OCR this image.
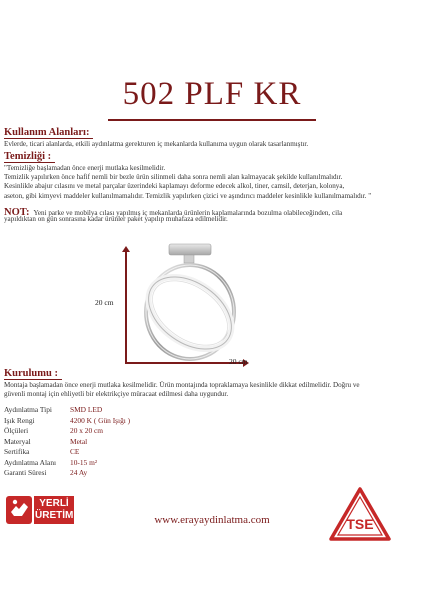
502 PLF KR
Kullanım Alanları:
Evlerde, ticari alanlarda, etkili aydınlatma gerekturen iç mekanlarda kullanıma uygun olarak tasarlanmıştır.
Temizliği :
"Temizliğe başlamadan önce enerji mutlaka kesilmelidir.
Temizlik yapılırken önce hafif nemli bir bezle ürün silinmeli daha sonra nemli alan kalmayacak şekilde kullanılmalıdır.
Kesinlikle abajur cılasını ve metal parçalar üzerindeki kaplamayı deforme edecek alkol, tiner, camsil, deterjan, kolonya,
aseton, gibi kimyevi maddeler kullanılmamalıdır. Temizlik yapılırken çizici ve aşındırıcı maddeler kesinlikle kullanılmamalıdır. "
NOT: Yeni parke ve mobilya cılası yapılmış iç mekanlarda ürünlerin kaplamalarında bozulma olabileceğinden, cila
yapıldıktan on gün sonrasına kadar ürünler paket yapılıp muhafaza edilmelidir.
20 cm
20 cm
Kurulumu :
Montaja başlamadan önce enerji mutlaka kesilmelidir. Ürün montajında topraklamaya kesinlikle dikkat edilmelidir. Doğru ve
güvenli montaj için ehliyetli bir elektrikçiye müracaat edilmesi daha uygundur.
Aydınlatma Tipi	SMD LED
Işık Rengi	4200 K ( Gün Işığı )
Ölçüleri	20 x 20 cm
Materyal	Metal
Sertifika	CE
Aydınlatma Alanı	10-15 m²
Garanti Süresi	24 Ay
YERLİ
ÜRETİM	www.erayaydinlatma.com	TSE
